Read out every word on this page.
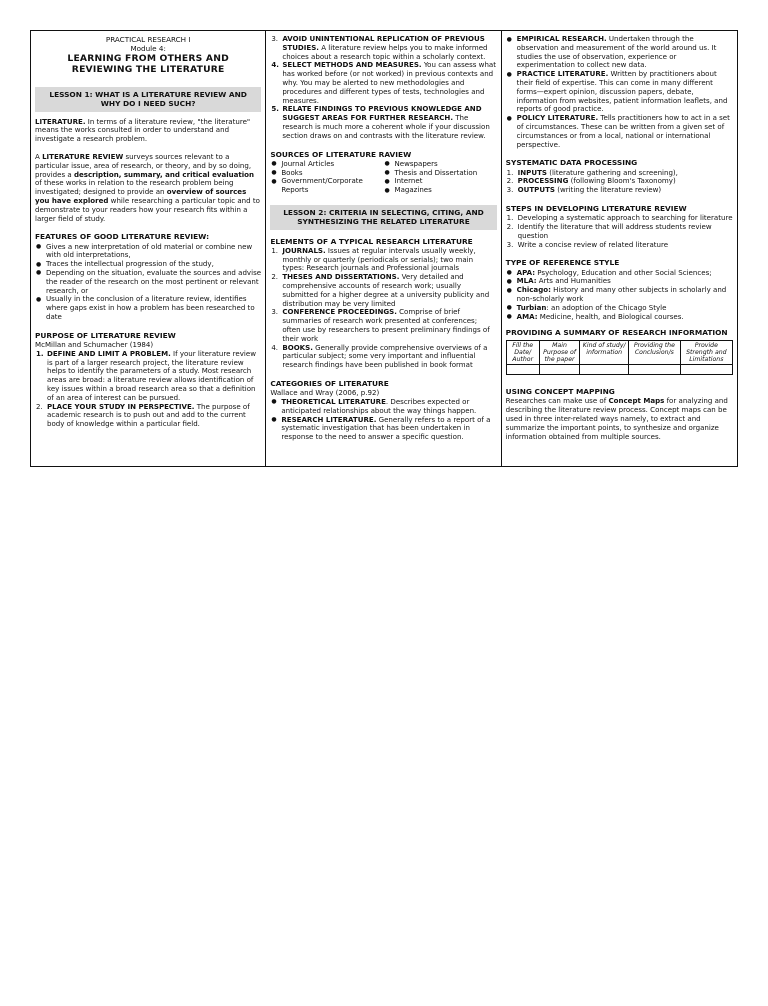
PRACTICAL RESEARCH I
Module 4:
LEARNING FROM OTHERS AND
REVIEWING THE LITERATURE
LESSON 1: WHAT IS A LITERATURE REVIEW AND WHY DO I NEED SUCH?

LITERATURE. In terms of a literature review, "the literature" means the works consulted in order to understand and investigate a research problem.

A LITERATURE REVIEW surveys sources relevant to a particular issue, area of research, or theory, and by so doing, provides a description, summary, and critical evaluation of these works in relation to the research problem being investigated; designed to provide an overview of sources you have explored while researching a particular topic and to demonstrate to your readers how your research fits within a larger field of study.

FEATURES OF GOOD LITERATURE REVIEW:
● Gives a new interpretation of old material or combine new with old interpretations,
● Traces the intellectual progression of the study,
● Depending on the situation, evaluate the sources and advise the reader of the research on the most pertinent or relevant research, or
● Usually in the conclusion of a literature review, identifies where gaps exist in how a problem has been researched to date
PURPOSE OF LITERATURE REVIEW
McMillan and Schumacher (1984)
1. DEFINE AND LIMIT A PROBLEM. If your literature review is part of a larger research project, the literature review helps to identify the parameters of a study. Most research areas are broad: a literature review allows identification of key issues within a broad research area so that a definition of an area of interest can be pursued.
2. PLACE YOUR STUDY IN PERSPECTIVE. The purpose of academic research is to push out and add to the current body of knowledge within a particular field.
3. AVOID UNINTENTIONAL REPLICATION OF PREVIOUS STUDIES. A literature review helps you to make informed choices about a research topic within a scholarly context.
4. SELECT METHODS AND MEASURES. You can assess what has worked before (or not worked) in previous contexts and why. You may be alerted to new methodologies and procedures and different types of tests, technologies and measures.
5. RELATE FINDINGS TO PREVIOUS KNOWLEDGE AND SUGGEST AREAS FOR FURTHER RESEARCH. The research is much more a coherent whole if your discussion section draws on and contrasts with the literature review.
SOURCES OF LITERATURE RAVIEW
● Journal Articles
● Books
● Government/Corporate Reports
● Newspapers
● Thesis and Dissertation
● Internet
● Magazines
LESSON 2: CRITERIA IN SELECTING, CITING, AND SYNTHESIZING THE RELATED LITERATURE
ELEMENTS OF A TYPICAL RESEARCH LITERATURE
1. JOURNALS. Issues at regular intervals usually weekly, monthly or quarterly (periodicals or serials); two main types: Research journals and Professional journals
2. THESES AND DISSERTATIONS. Very detailed and comprehensive accounts of research work; usually submitted for a higher degree at a university publicity and distribution may be very limited
3. CONFERENCE PROCEEDINGS. Comprise of brief summaries of research work presented at conferences; often use by researchers to present preliminary findings of their work
4. BOOKS. Generally provide comprehensive overviews of a particular subject; some very important and influential research findings have been published in book format
CATEGORIES OF LITERATURE
Wallace and Wray (2006, p.92)
● THEORETICAL LITERATURE. Describes expected or anticipated relationships about the way things happen.
● RESEARCH LITERATURE. Generally refers to a report of a systematic investigation that has been undertaken in response to the need to answer a specific question.
● EMPIRICAL RESEARCH. Undertaken through the observation and measurement of the world around us. It studies the use of observation, experience or experimentation to collect new data.
● PRACTICE LITERATURE. Written by practitioners about their field of expertise. This can come in many different forms—expert opinion, discussion papers, debate, information from websites, patient information leaflets, and reports of good practice.
● POLICY LITERATURE. Tells practitioners how to act in a set of circumstances. These can be written from a given set of circumstances or from a local, national or international perspective.
SYSTEMATIC DATA PROCESSING
1. INPUTS (literature gathering and screening),
2. PROCESSING (following Bloom's Taxonomy)
3. OUTPUTS (writing the literature review)
STEPS IN DEVELOPING LITERATURE REVIEW
1. Developing a systematic approach to searching for literature
2. Identify the literature that will address students review question
3. Write a concise review of related literature
TYPE OF REFERENCE STYLE
● APA: Psychology, Education and other Social Sciences;
● MLA: Arts and Humanities
● Chicago: History and many other subjects in scholarly and non-scholarly work
● Turbian: an adoption of the Chicago Style
● AMA: Medicine, health, and Biological courses.
PROVIDING A SUMMARY OF RESEARCH INFORMATION
Fill the Date/ Author	Main Purpose of the paper	Kind of study/ information	Providing the Conclusion/s	Provide Strength and Limitations

USING CONCEPT MAPPING

Researches can make use of Concept Maps for analyzing and describing the literature review process. Concept maps can be used in three inter-related ways namely, to extract and summarize the important points, to synthesize and organize information obtained from multiple sources.
